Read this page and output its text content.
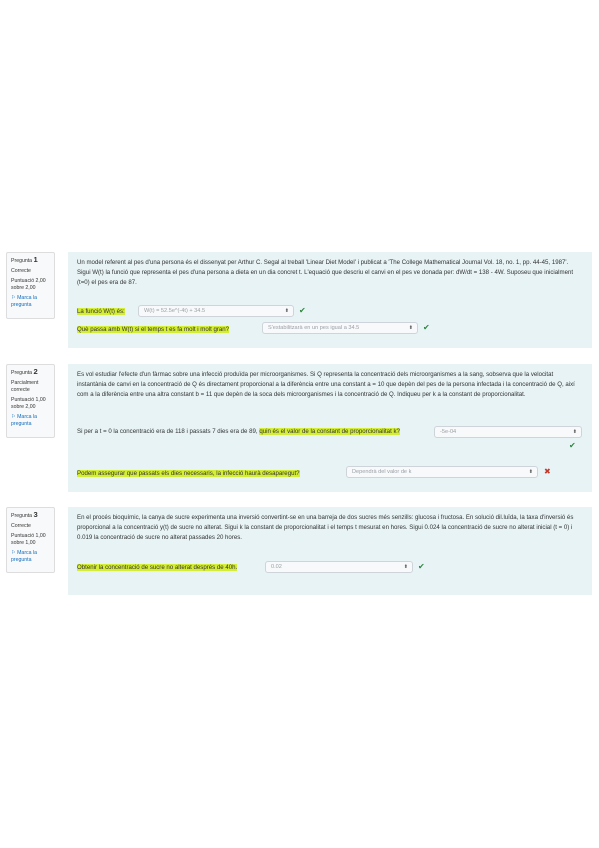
Pregunta 1
Correcte
Puntuació 2,00 sobre 2,00
⚐ Marca la pregunta
Un model referent al pes d'una persona és el dissenyat per Arthur C. Segal al treball 'Linear Diet Model' i publicat a 'The College Mathematical Journal Vol. 18, no. 1, pp. 44-45, 1987'. Sigui W(t) la funció que representa el pes d'una persona a dieta en un dia concret t. L'equació que descriu el canvi en el pes ve donada per: dW/dt = 138 - 4W. Suposeu que inicialment (t=0) el pes era de 87.
La funció W(t) és:	W(t) = 52.5e^(-4t) + 34.5	⬍ ✔
Què passa amb W(t) si el temps t es fa molt i molt gran?	S'estabilitzarà en un pes igual a 34.5	⬍ ✔
Pregunta 2
Parcialment correcte
Puntuació 1,00 sobre 2,00
⚐ Marca la pregunta
Es vol estudiar l'efecte d'un fàrmac sobre una infecció produïda per microorganismes. Si Q representa la concentració dels microorganismes a la sang, sobserva que la velocitat instantània de canvi en la concentració de Q és directament proporcional a la diferència entre una constant a = 10 que depèn del pes de la persona infectada i la concentració de Q, així com a la diferència entre una altra constant b = 11 que depèn de la soca dels microorganismes i la concentració de Q. Indiqueu per k a la constant de proporcionalitat.
Si per a t = 0 la concentració era de 118 i passats 7 dies era de 89, quin és el valor de la constant de proporcionalitat k?	-5e-04	⬍
✔
Podem assegurar que passats els dies necessaris, la infecció haurà desaparegut?	Dependrà del valor de k	⬍ ✖
Pregunta 3
Correcte
Puntuació 1,00 sobre 1,00
⚐ Marca la pregunta
En el procés bioquímic, la canya de sucre experimenta una inversió convertint-se en una barreja de dos sucres més senzills: glucosa i fructosa. En solució dil.luïda, la taxa d'inversió és proporcional a la concentració y(t) de sucre no alterat. Sigui k la constant de proporcionalitat i el temps t mesurat en hores. Sigui 0.024 la concentració de sucre no alterat inicial (t = 0) i 0.019 la concentració de sucre no alterat passades 20 hores.
Obtenir la concentració de sucre no alterat després de 40h.	0.02	⬍ ✔
